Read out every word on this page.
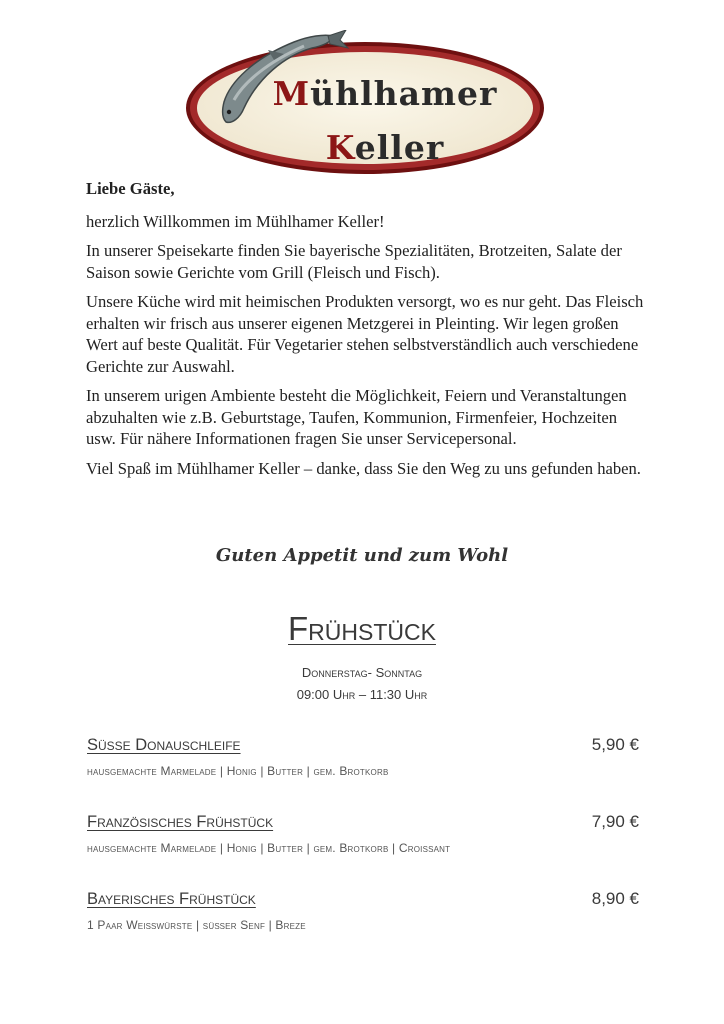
Mühlhamer
Keller

Liebe Gäste,

herzlich Willkommen im Mühlhamer Keller!

In unserer Speisekarte finden Sie bayerische Spezialitäten, Brotzeiten, Salate der Saison sowie Gerichte vom Grill (Fleisch und Fisch).

Unsere Küche wird mit heimischen Produkten versorgt, wo es nur geht. Das Fleisch erhalten wir frisch aus unserer eigenen Metzgerei in Pleinting. Wir legen großen Wert auf beste Qualität. Für Vegetarier stehen selbstverständlich auch verschiedene Gerichte zur Auswahl.

In unserem urigen Ambiente besteht die Möglichkeit, Feiern und Veranstaltungen abzuhalten wie z.B. Geburtstage, Taufen, Kommunion, Firmenfeier, Hochzeiten usw. Für nähere Informationen fragen Sie unser Servicepersonal.

Viel Spaß im Mühlhamer Keller – danke, dass Sie den Weg zu uns gefunden haben.

Guten Appetit und zum Wohl
Frühstück
Donnerstag- Sonntag
09:00 Uhr – 11:30 Uhr
Süße Donauschleife	5,90 €
hausgemachte Marmelade | Honig | Butter | gem. Brotkorb
Französisches Frühstück	7,90 €
hausgemachte Marmelade | Honig | Butter | gem. Brotkorb | Croissant
Bayerisches Frühstück	8,90 €
1 Paar Weißwürste | süßer Senf | Breze
